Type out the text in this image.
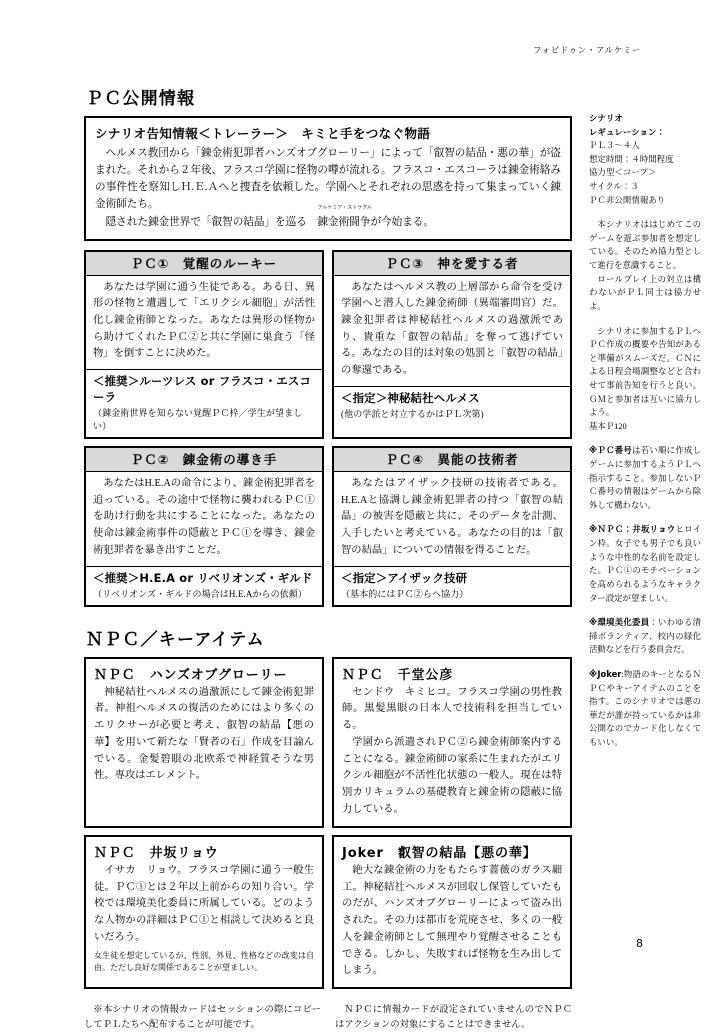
フォビドゥン・アルケミー
ＰＣ公開情報
シナリオ告知情報＜トレーラー＞　キミと手をつなぐ物語

ヘルメス教団から「錬金術犯罪者ハンズオブグローリー」によって「叡智の結品・悪の華」が盗まれた。それから２年後、フラスコ学園に怪物の噂が流れる。フラスコ・エスコーラは錬金術絡みの事件性を察知しＨ.Ｅ.Ａへと捜査を依頼した。学園へとそれぞれの思惑を持って集まっていく錬金術師たち。

隠された錬金世界で「叡智の結晶」を巡る
アルケミア・ストラグル
錬金術闘争が今始まる。

ＰＣ①　覚醒のルーキー
あなたは学園に通う生徒である。ある日、異形の怪物と遭遇して「エリクシル細胞」が活性化し錬金術師となった。あなたは異形の怪物から助けてくれたＰＣ②と共に学園に巣食う「怪物」を倒すことに決めた。
＜推奨＞ルーツレス or フラスコ・エスコーラ
（錬金術世界を知らない覚醒ＰＣ枠／学生が望ましい）
ＰＣ③　神を愛する者
あなたはヘルメス教の上層部から命令を受け学園へと潜入した錬金術師（異端審問官）だ。錬金犯罪者は神秘結社ヘルメスの過激派であり、貴重な「叡智の結晶」を奪って逃げている。あなたの目的は対象の処罰と「叡智の結晶」の奪還である。
＜指定＞神秘結社ヘルメス
(他の学派と対立するかはＰＬ次第)
ＰＣ②　錬金術の導き手
あなたはH.E.Aの命令により、錬金術犯罪者を追っている。その途中で怪物に襲われるＰＣ①を助け行動を共にすることになった。あなたの使命は錬金術事件の隠蔽とＰＣ①を導き、錬金術犯罪者を暴き出すことだ。
＜推奨＞H.E.A or リベリオンズ・ギルド
（リベリオンズ・ギルドの場合はH.E.Aからの依頼）
ＰＣ④　異能の技術者
あなたはアイザック技研の技術者である。H.E.Aと協調し錬金術犯罪者の持つ「叡智の結晶」の被害を隠蔽と共に、そのデータを計測、入手したいと考えている。あなたの目的は「叡智の結晶」についての情報を得ることだ。
＜指定＞アイザック技研
（基本的にはＰＣ②らへ協力）
ＮＰＣ／キーアイテム
ＮＰＣ　ハンズオブグローリー

神秘結社ヘルメスの過激派にして錬金術犯罪者。神祖ヘルメスの復活のためにはより多くのエリクサーが必要と考え、叡智の結晶【悪の華】を用いて新たな「賢者の石」作成を目論んでいる。金髪碧眼の北欧系で神経質そうな男性。専攻はエレメント。

ＮＰＣ　千堂公彦

センドウ　キミヒコ。フラスコ学園の男性教師。黒髪黒眼の日本人で技術科を担当している。

学園から派遣されＰＣ②ら錬金術師案内することになる。錬金術師の家系に生まれたがエリクシル細胞が不活性化状態の一般人。現在は特別カリキュラムの基礎教育と錬金術の隠蔽に協力している。

ＮＰＣ　井坂リョウ

イサカ　リョウ。フラスコ学園に通う一般生徒。ＰＣ①とは２年以上前からの知り合い。学校では環境美化委員に所属している。どのような人物かの詳細はＰＣ①と相談して決めると良いだろう。

女生徒を想定しているが、性別、外見、性格などの改変は自由。ただし良好な関係であることが望ましい。
Joker　叡智の結晶【悪の華】

絶大な錬金術の力をもたらす薔薇のガラス細工。神秘結社ヘルメスが回収し保管していたものだが、ハンズオブグローリーによって盗み出された。その力は都市を荒廃させ、多くの一般人を錬金術師として無理やり覚醒させることもできる。しかし、失敗すれば怪物を生み出してしまう。

※本シナリオの情報カードはセッションの際にコピーしてＰＬたちへ配布することが可能です。

ＮＰＣに情報カードが設定されていませんのでＮＰＣはアクションの対象にすることはできません。

シナリオ
レギュレーション：
ＰＬ３～４人
想定時間：４時間程度
協力型＜コープ＞
サイクル：３
ＰＣ非公開情報あり

本シナリオははじめてこのゲームを遊ぶ参加者を想定している。そのため協力型として進行を意識すること。

ロールプレイ上の対立は構わないがＰＬ同士は協力せよ。

シナリオに参加するＰＬへＰＣ作成の概要や告知があると準備がスムーズだ。ＣＮによる日程会場調整などと合わせて事前告知を行うと良い。ＧＭと参加者は互いに協力しよう。

基本Ｐ120

※ＰＣ番号は若い順に作成しゲームに参加するようＰＬへ指示すること。参加しないＰＣ番号の情報はゲームから除外して構わない。

※ＮＰＣ：井坂リョウヒロイン枠。女子でも男子でも良いような中性的な名前を設定した。ＰＣ①のモチベーションを高められるようなキャラクター設定が望ましい。

※環境美化委員：いわゆる清掃ボランティア、校内の緑化活動などを行う委員会だ。

※Joker:物語のキーとなるＮＰＣやキーアイテムのことを指す。このシナリオでは悪の華だが誰が持っているかは非公開なのでカード化しなくてもいい。

8
